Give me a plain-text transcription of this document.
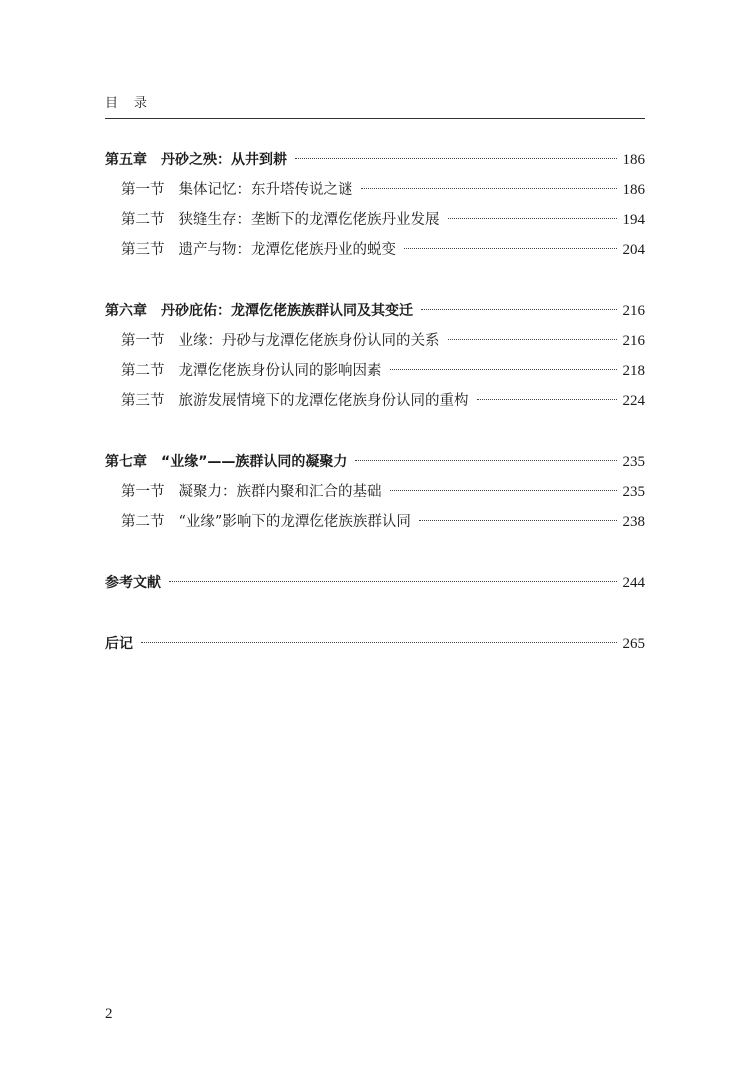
目录
第五章 丹砂之殃：从井到耕	186
第一节 集体记忆：东升塔传说之谜	186
第二节 狭缝生存：垄断下的龙潭仡佬族丹业发展	194
第三节 遗产与物：龙潭仡佬族丹业的蜕变	204
第六章 丹砂庇佑：龙潭仡佬族族群认同及其变迁	216
第一节 业缘：丹砂与龙潭仡佬族身份认同的关系	216
第二节 龙潭仡佬族身份认同的影响因素	218
第三节 旅游发展情境下的龙潭仡佬族身份认同的重构	224
第七章 “业缘”——族群认同的凝聚力	235
第一节 凝聚力：族群内聚和汇合的基础	235
第二节 “业缘”影响下的龙潭仡佬族族群认同	238
参考文献	244
后记	265
2
